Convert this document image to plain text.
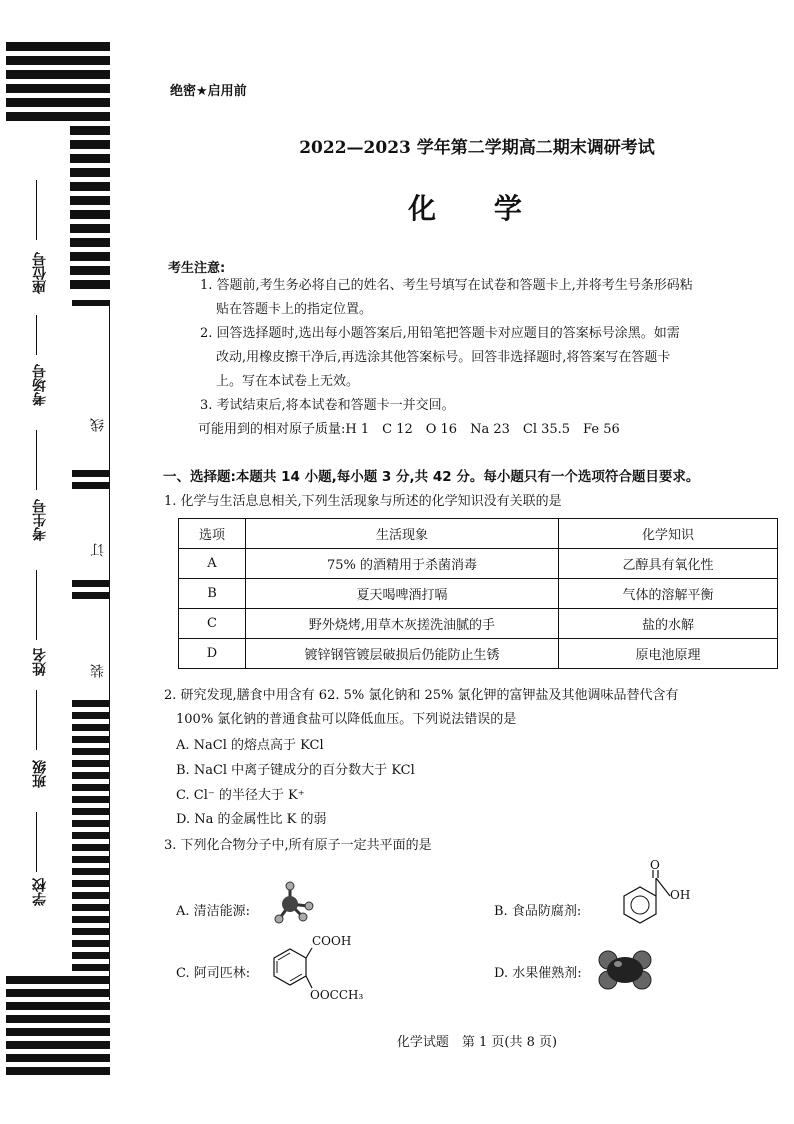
座位号
考场号
考生号
姓名
班级
学校
线
订
装
绝密★启用前
2022—2023 学年第二学期高二期末调研考试
化 学
考生注意:
1. 答题前,考生务必将自己的姓名、考生号填写在试卷和答题卡上,并将考生号条形码粘
贴在答题卡上的指定位置。
2. 回答选择题时,选出每小题答案后,用铅笔把答题卡对应题目的答案标号涂黑。如需
改动,用橡皮擦干净后,再选涂其他答案标号。回答非选择题时,将答案写在答题卡
上。写在本试卷上无效。
3. 考试结束后,将本试卷和答题卡一并交回。
可能用到的相对原子质量:H 1　C 12　O 16　Na 23　Cl 35.5　Fe 56
一、选择题:本题共 14 小题,每小题 3 分,共 42 分。每小题只有一个选项符合题目要求。
1. 化学与生活息息相关,下列生活现象与所述的化学知识没有关联的是
选项	生活现象	化学知识
A	75% 的酒精用于杀菌消毒	乙醇具有氧化性
B	夏天喝啤酒打嗝	气体的溶解平衡
C	野外烧烤,用草木灰搓洗油腻的手	盐的水解
D	镀锌钢管镀层破损后仍能防止生锈	原电池原理
2. 研究发现,膳食中用含有 62. 5% 氯化钠和 25% 氯化钾的富钾盐及其他调味品替代含有
100% 氯化钠的普通食盐可以降低血压。下列说法错误的是
A. NaCl 的熔点高于 KCl
B. NaCl 中离子键成分的百分数大于 KCl
C. Cl⁻ 的半径大于 K⁺
D. Na 的金属性比 K 的弱
3. 下列化合物分子中,所有原子一定共平面的是
A. 清洁能源:	B. 食品防腐剂:
O
OH
C. 阿司匹林:
COOH
OOCCH₃
D. 水果催熟剂:
化学试题　第 1 页(共 8 页)
